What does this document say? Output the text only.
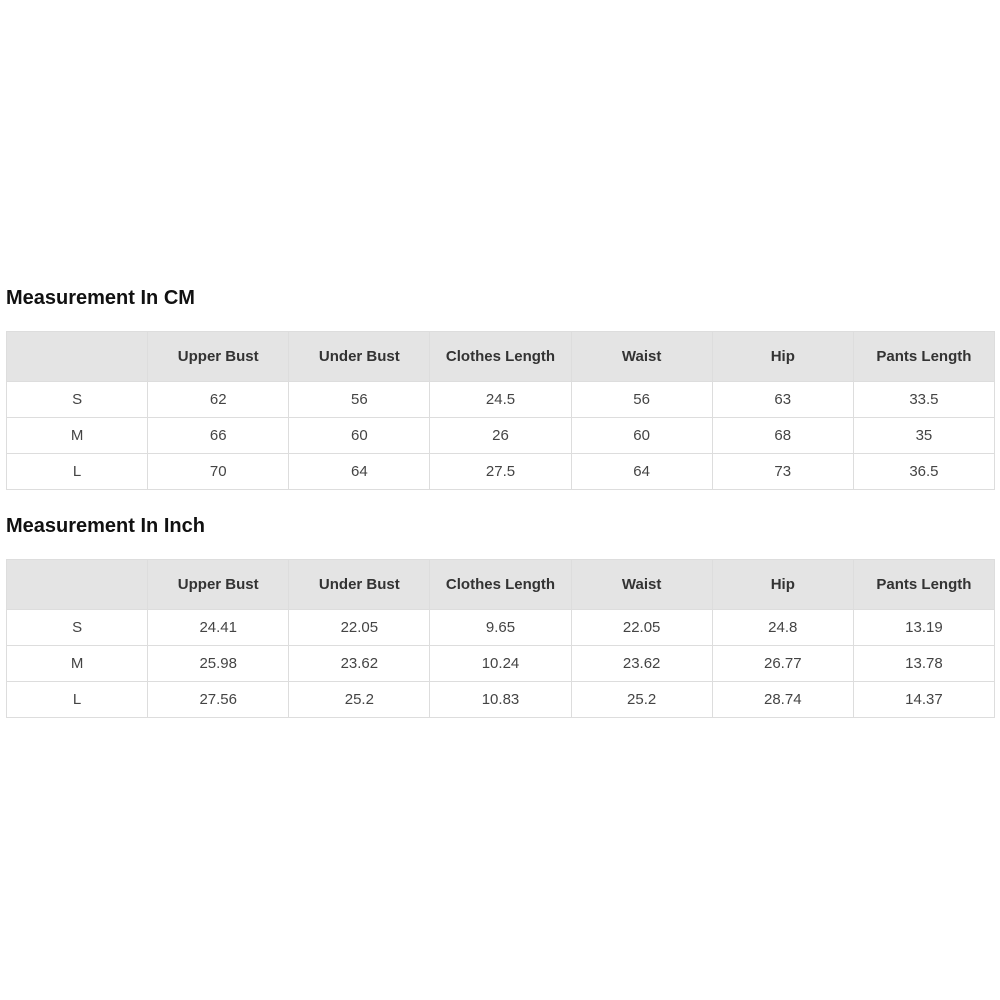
Measurement In CM
	Upper Bust	Under Bust	Clothes Length	Waist	Hip	Pants Length
S	62	56	24.5	56	63	33.5
M	66	60	26	60	68	35
L	70	64	27.5	64	73	36.5
Measurement In Inch
	Upper Bust	Under Bust	Clothes Length	Waist	Hip	Pants Length
S	24.41	22.05	9.65	22.05	24.8	13.19
M	25.98	23.62	10.24	23.62	26.77	13.78
L	27.56	25.2	10.83	25.2	28.74	14.37
